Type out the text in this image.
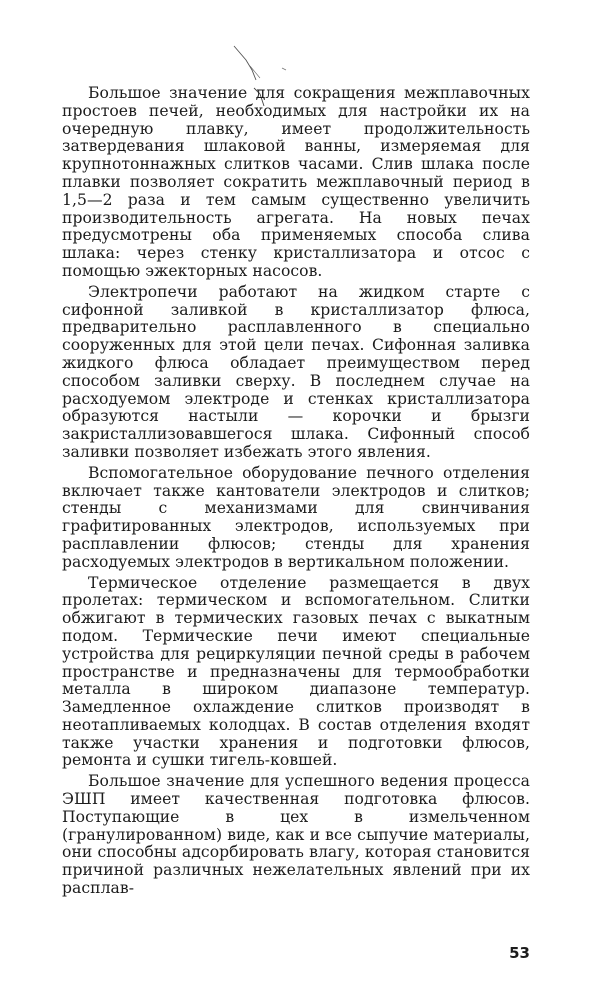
Большое значение для сокращения межплавочных простоев печей, необходимых для настройки их на очередную плавку, имеет продолжительность затвердевания шлаковой ванны, измеряемая для крупнотоннажных слитков часами. Слив шлака после плавки позволяет сократить межплавочный период в 1,5—2 раза и тем самым существенно увеличить производительность агрегата. На новых печах предусмотрены оба применяемых способа слива шлака: через стенку кристаллизатора и отсос с помощью эжекторных насосов.

Электропечи работают на жидком старте с сифонной заливкой в кристаллизатор флюса, предварительно расплавленного в специально сооруженных для этой цели печах. Сифонная заливка жидкого флюса обладает преимуществом перед способом заливки сверху. В последнем случае на расходуемом электроде и стенках кристаллизатора образуются настыли — корочки и брызги закристаллизовавшегося шлака. Сифонный способ заливки позволяет избежать этого явления.

Вспомогательное оборудование печного отделения включает также кантователи электродов и слитков; стенды с механизмами для свинчивания графитированных электродов, используемых при расплавлении флюсов; стенды для хранения расходуемых электродов в вертикальном положении.

Термическое отделение размещается в двух пролетах: термическом и вспомогательном. Слитки обжигают в термических газовых печах с выкатным подом. Термические печи имеют специальные устройства для рециркуляции печной среды в рабочем пространстве и предназначены для термообработки металла в широком диапазоне температур. Замедленное охлаждение слитков производят в неотапливаемых колодцах. В состав отделения входят также участки хранения и подготовки флюсов, ремонта и сушки тигель-ковшей.

Большое значение для успешного ведения процесса ЭШП имеет качественная подготовка флюсов. Поступающие в цех в измельченном (гранулированном) виде, как и все сыпучие материалы, они способны адсорбировать влагу, которая становится причиной различных нежелательных явлений при их расплав-

53
